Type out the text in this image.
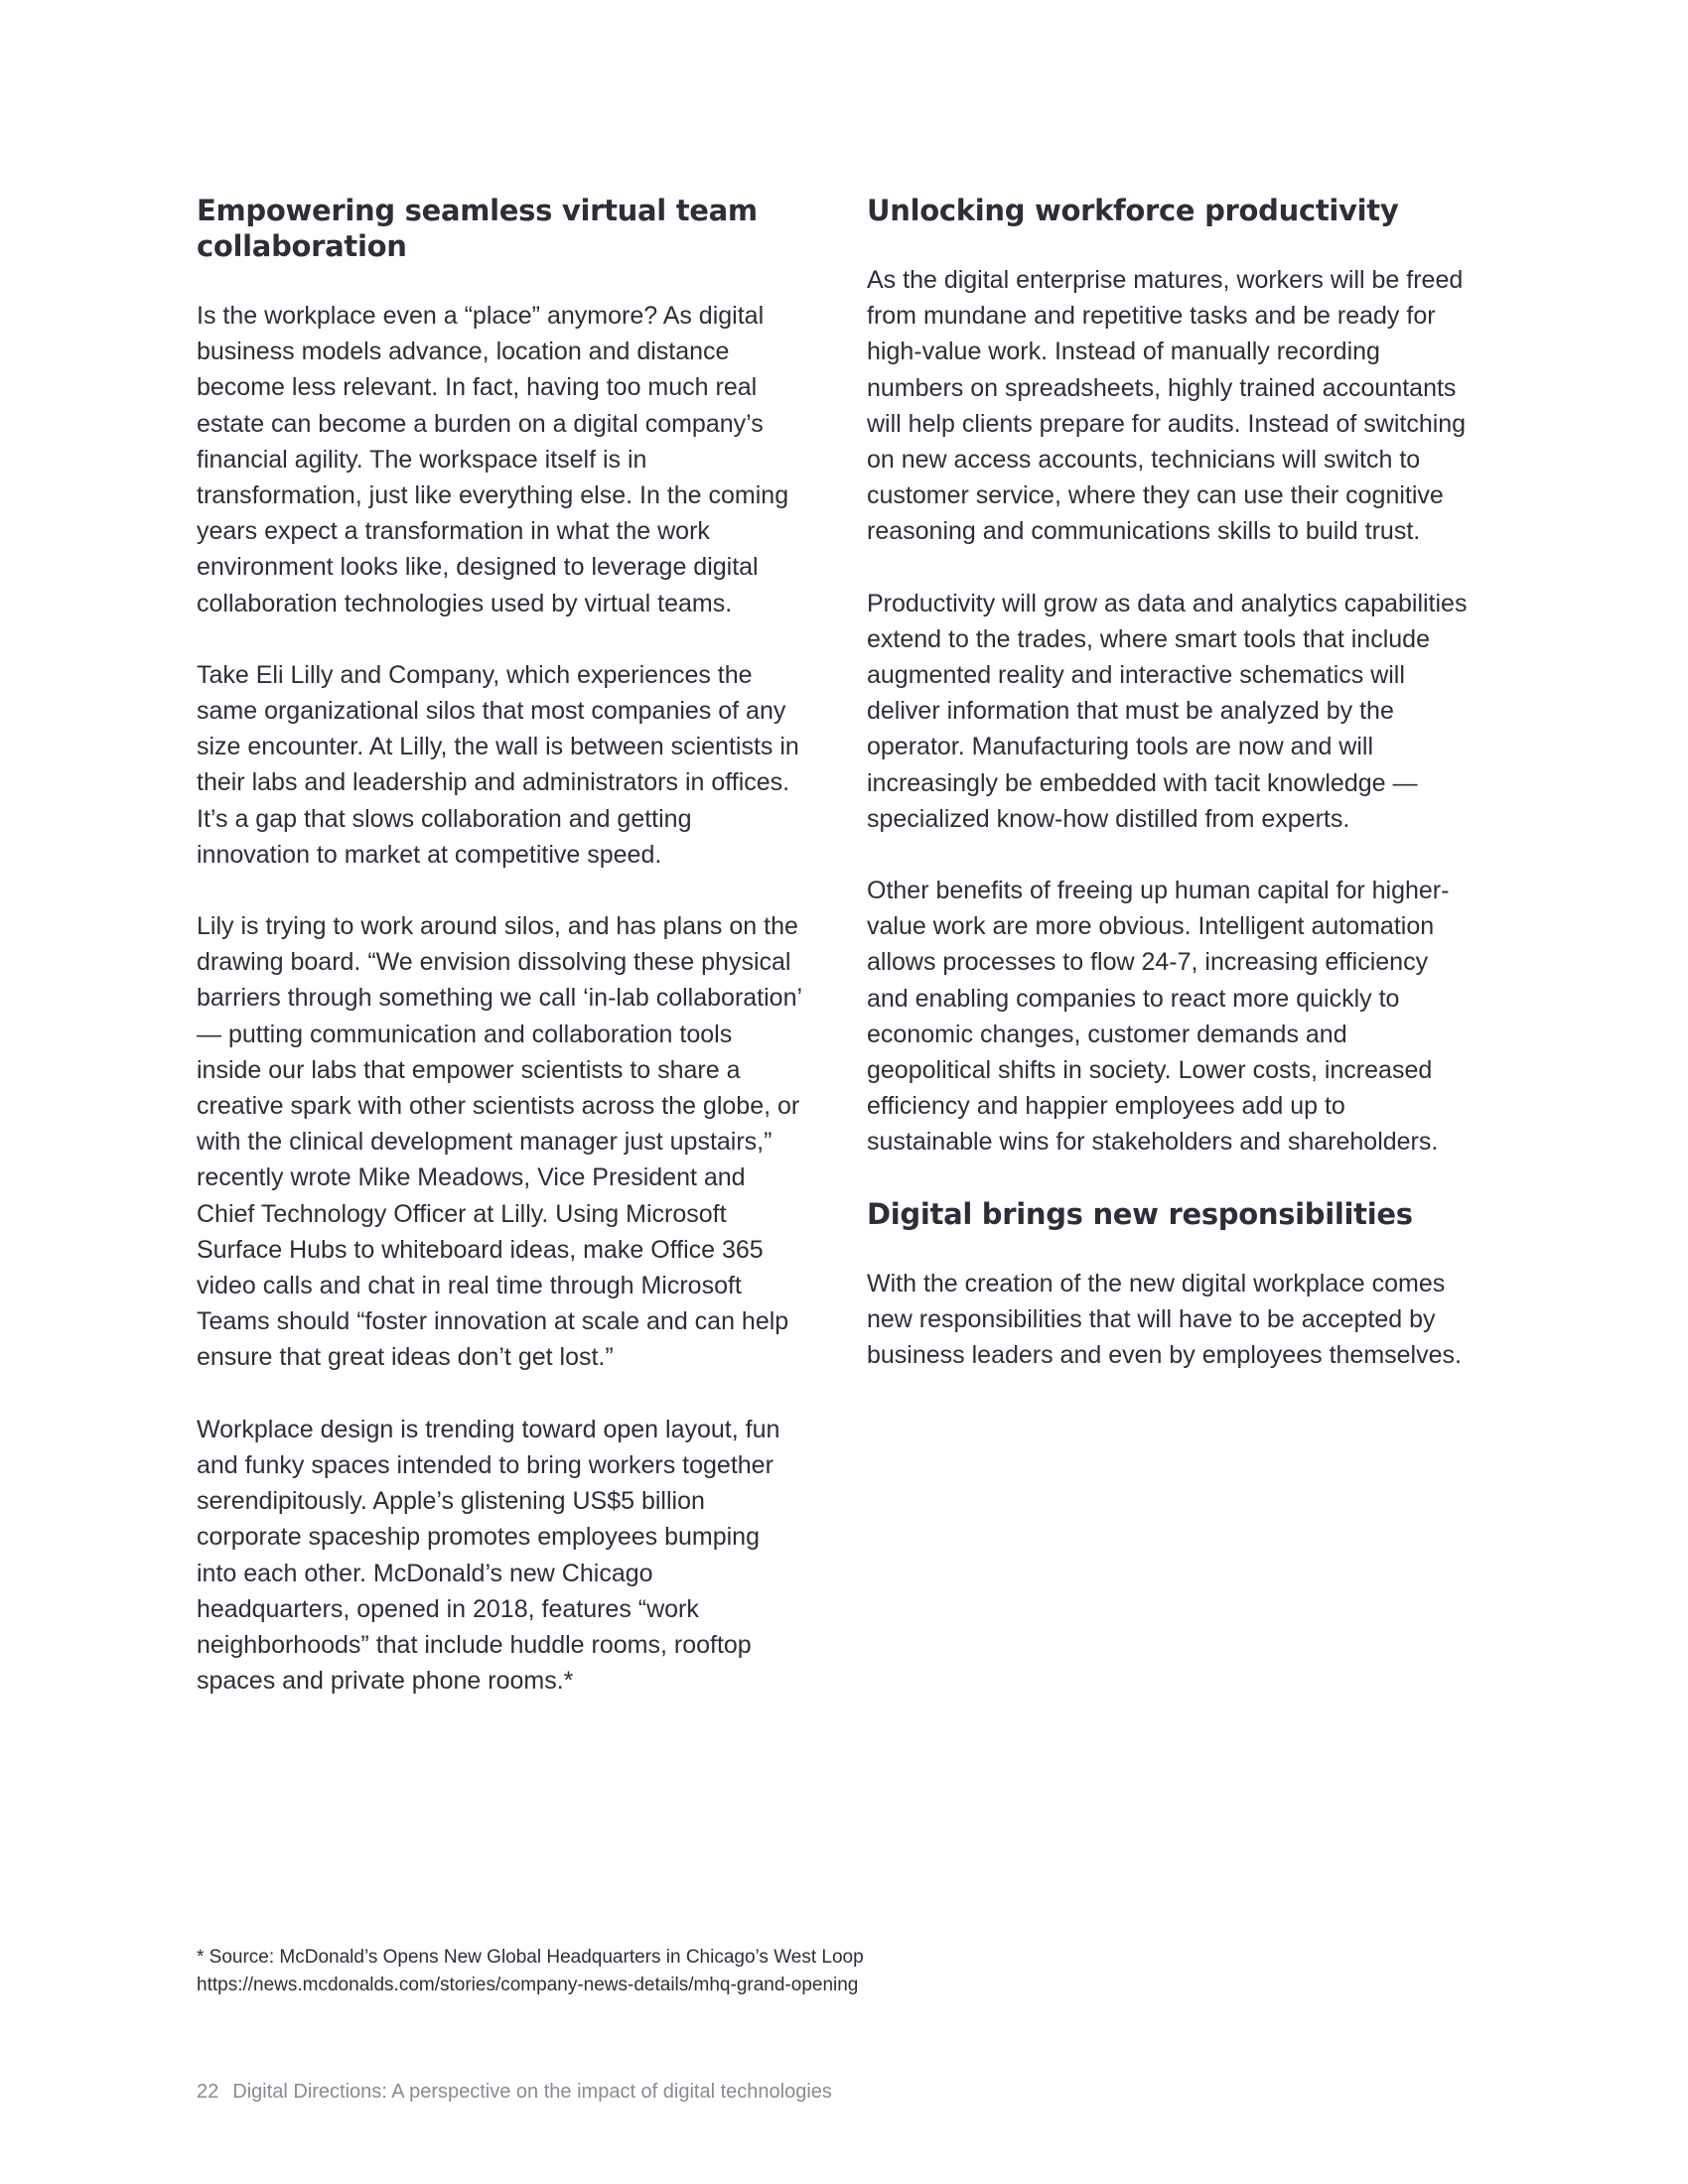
Empowering seamless virtual team collaboration

Is the workplace even a “place” anymore? As digital business models advance, location and distance become less relevant. In fact, having too much real estate can become a burden on a digital company’s financial agility. The workspace itself is in transformation, just like everything else. In the coming years expect a transformation in what the work environment looks like, designed to leverage digital collaboration technologies used by virtual teams.

Take Eli Lilly and Company, which experiences the same organizational silos that most companies of any size encounter. At Lilly, the wall is between scientists in their labs and leadership and administrators in offices. It’s a gap that slows collaboration and getting innovation to market at competitive speed.

Lily is trying to work around silos, and has plans on the drawing board. “We envision dissolving these physical barriers through something we call ‘in-lab collaboration’ — putting communication and collaboration tools inside our labs that empower scientists to share a creative spark with other scientists across the globe, or with the clinical development manager just upstairs,” recently wrote Mike Meadows, Vice President and Chief Technology Officer at Lilly. Using Microsoft Surface Hubs to whiteboard ideas, make Office 365 video calls and chat in real time through Microsoft Teams should “foster innovation at scale and can help ensure that great ideas don’t get lost.”

Workplace design is trending toward open layout, fun and funky spaces intended to bring workers together serendipitously. Apple’s glistening US$5 billion corporate spaceship promotes employees bumping into each other. McDonald’s new Chicago headquarters, opened in 2018, features “work neighborhoods” that include huddle rooms, rooftop spaces and private phone rooms.*

Unlocking workforce productivity

As the digital enterprise matures, workers will be freed from mundane and repetitive tasks and be ready for high-value work. Instead of manually recording numbers on spreadsheets, highly trained accountants will help clients prepare for audits. Instead of switching on new access accounts, technicians will switch to customer service, where they can use their cognitive reasoning and communications skills to build trust.

Productivity will grow as data and analytics capabilities extend to the trades, where smart tools that include augmented reality and interactive schematics will deliver information that must be analyzed by the operator. Manufacturing tools are now and will increasingly be embedded with tacit knowledge — specialized know-how distilled from experts.

Other benefits of freeing up human capital for higher-value work are more obvious. Intelligent automation allows processes to flow 24-7, increasing efficiency and enabling companies to react more quickly to economic changes, customer demands and geopolitical shifts in society. Lower costs, increased efficiency and happier employees add up to sustainable wins for stakeholders and shareholders.

Digital brings new responsibilities

With the creation of the new digital workplace comes new responsibilities that will have to be accepted by business leaders and even by employees themselves.

* Source: McDonald’s Opens New Global Headquarters in Chicago’s West Loop
https://news.mcdonalds.com/stories/company-news-details/mhq-grand-opening
22 Digital Directions: A perspective on the impact of digital technologies
